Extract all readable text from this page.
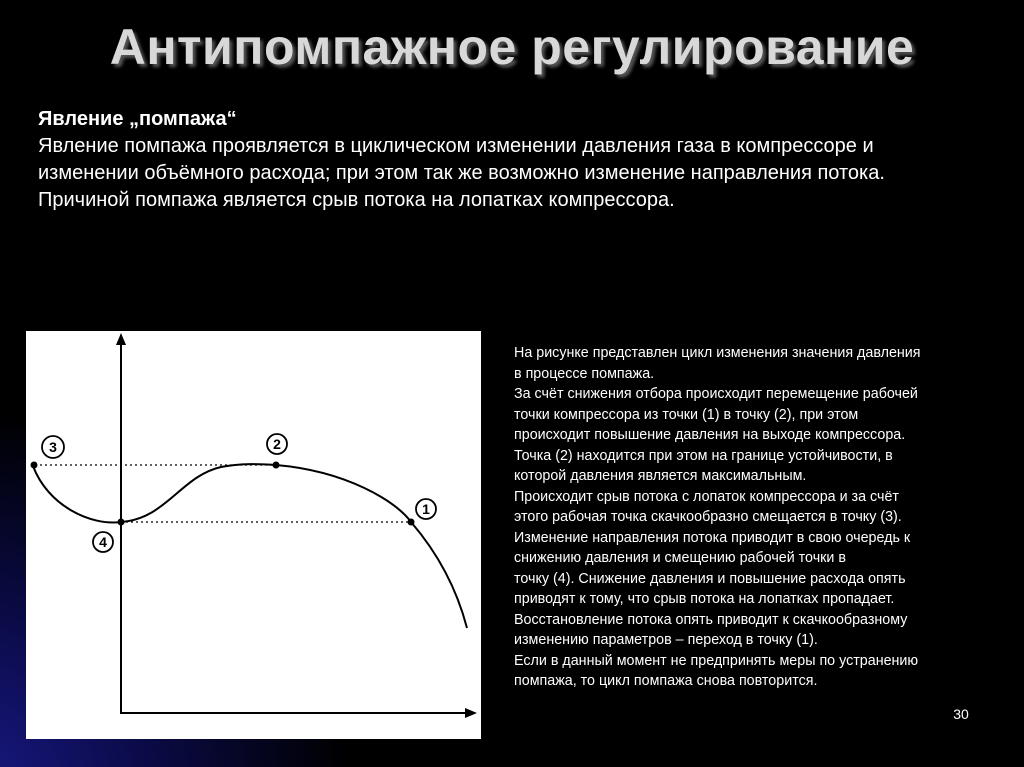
Антипомпажное регулирование
Явление „помпажа“
Явление помпажа проявляется в циклическом изменении давления газа в компрессоре и изменении объёмного расхода; при этом так же возможно изменение направления потока. Причиной помпажа является срыв потока на лопатках компрессора.
1
2
3
4
На рисунке представлен цикл изменения значения давления
в процессе помпажа.
За счёт снижения отбора происходит перемещение рабочей
точки компрессора из точки (1) в точку (2), при этом
происходит повышение давления на выходе компрессора.
Точка (2) находится при этом на границе устойчивости, в
которой давления является максимальным.
Происходит срыв потока с лопаток компрессора и за счёт
этого рабочая точка скачкообразно смещается в точку (3).
Изменение направления потока приводит в свою очередь к
снижению давления и смещению рабочей точки в
точку (4). Снижение давления и повышение расхода опять
приводят к тому, что срыв потока на лопатках пропадает.
Восстановление потока опять приводит к скачкообразному
изменению параметров – переход в точку (1).
Если в данный момент не предпринять меры по устранению
помпажа, то цикл помпажа снова повторится.
30
